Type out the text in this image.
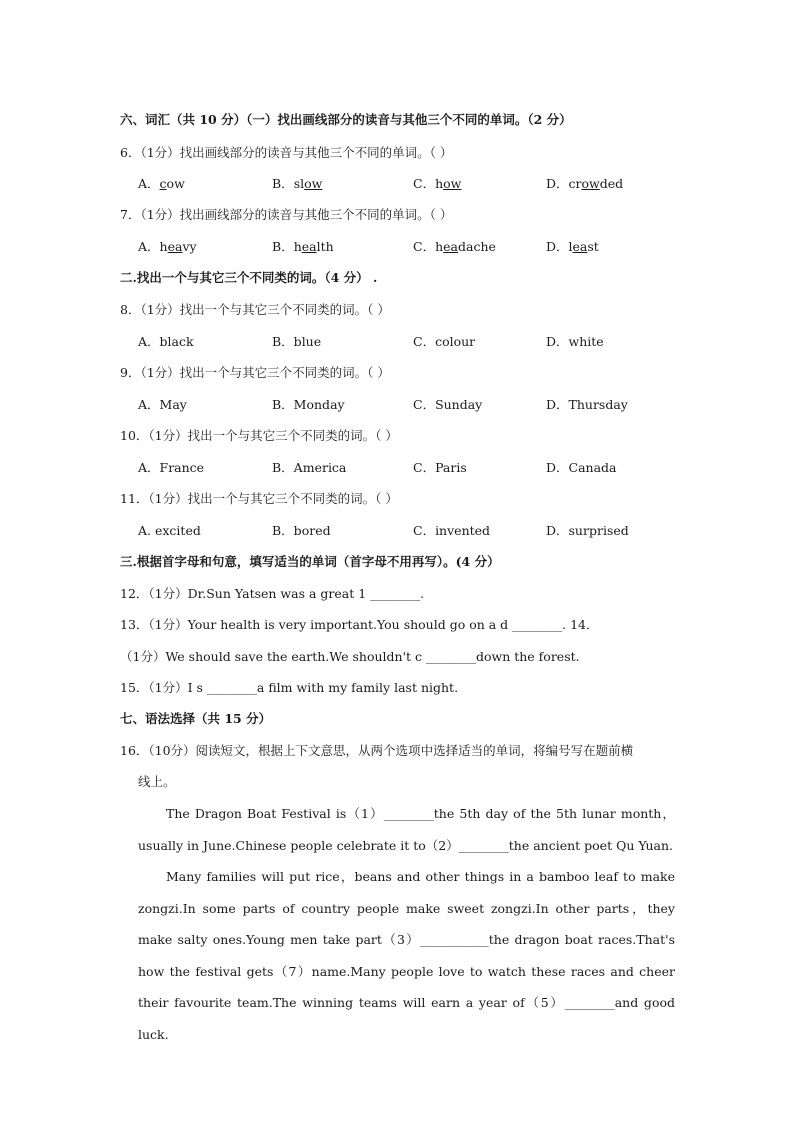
六、词汇（共 10 分）（一）找出画线部分的读音与其他三个不同的单词。（2 分）
6．（1分）找出画线部分的读音与其他三个不同的单词。（ ）
A．cow	B．slow	C．how	D．crowded
7．（1分）找出画线部分的读音与其他三个不同的单词。（ ）
A．heavy	B．health	C．headache	D．least
二.找出一个与其它三个不同类的词。（4 分） .
8．（1分）找出一个与其它三个不同类的词。（ ）
A．black	B．blue	C．colour	D．white
9．（1分）找出一个与其它三个不同类的词。（ ）
A．May	B．Monday	C．Sunday	D．Thursday
10．（1分）找出一个与其它三个不同类的词。（ ）
A．France	B．America	C．Paris	D．Canada
11．（1分）找出一个与其它三个不同类的词。（ ）
A. excited	B．bored	C．invented	D．surprised
三.根据首字母和句意，填写适当的单词（首字母不用再写）。(4 分）
12．（1分）Dr.Sun Yatsen was a great 1 ________.
13．（1分）Your health is very important.You should go on a d ________. 14．
（1分）We should save the earth.We shouldn't c ________down the forest.
15．（1分）I s ________a film with my family last night.
七、语法选择（共 15 分）
16．（10分）阅读短文，根据上下文意思，从两个选项中选择适当的单词，将编号写在题前横
线上。
The Dragon Boat Festival is（1）________the 5th day of the 5th lunar month，usually in June.Chinese people celebrate it to（2）________the ancient poet Qu Yuan.
Many families will put rice，beans and other things in a bamboo leaf to make zongzi.In some parts of country people make sweet zongzi.In other parts，they make salty ones.Young men take part（3）___________the dragon boat races.That's how the festival gets（7）name.Many people love to watch these races and cheer their favourite team.The winning teams will earn a year of（5）________and good luck.
